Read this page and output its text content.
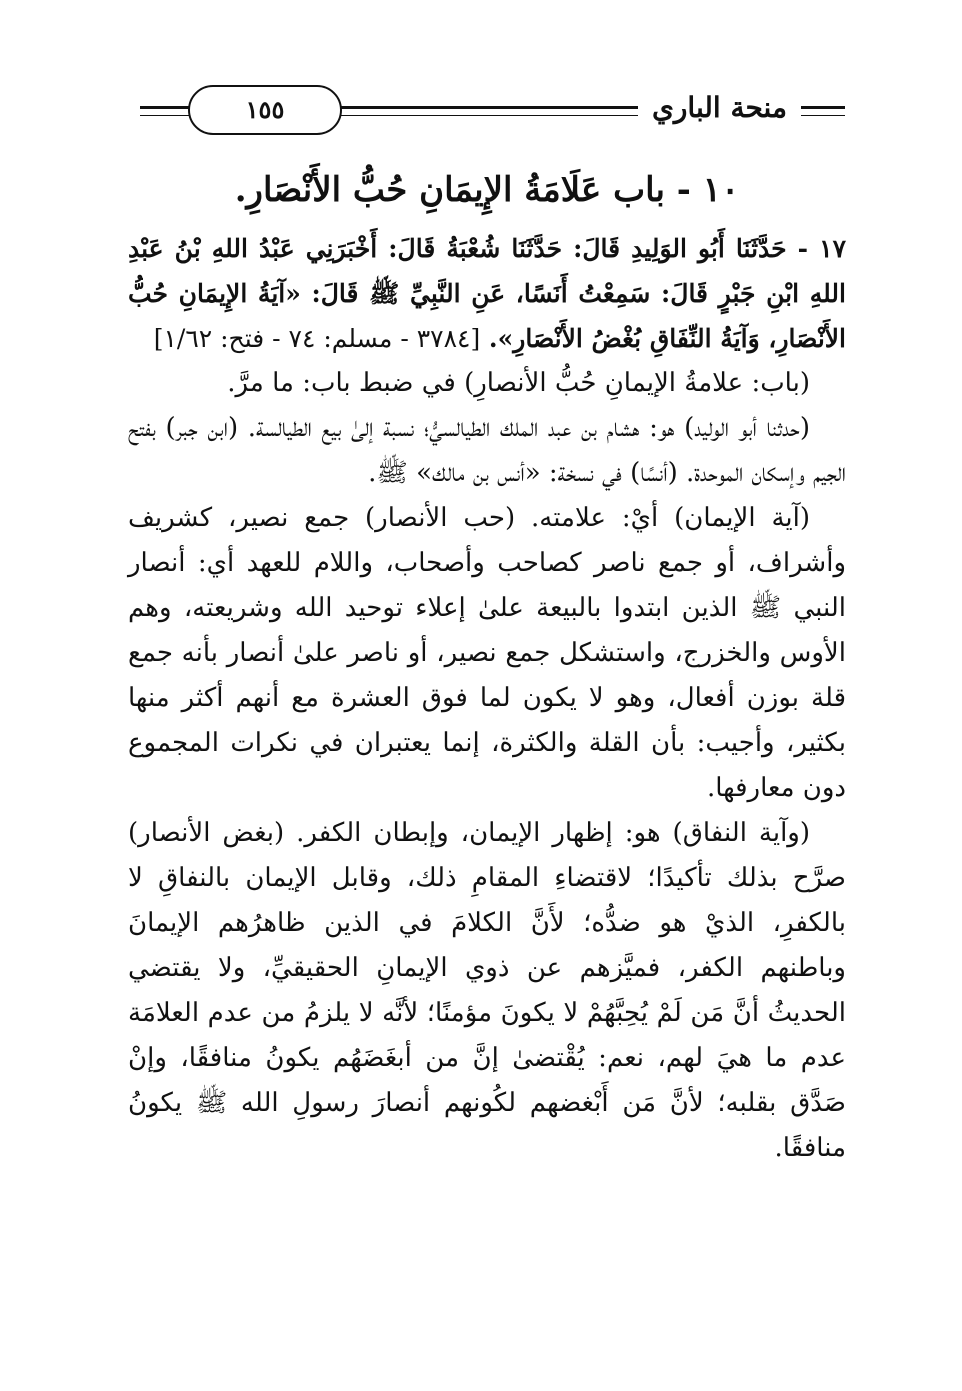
١٥٥	منحة الباري
١٠ - باب عَلَامَةُ الإِيمَانِ حُبُّ الأَنْصَارِ.

١٧ - حَدَّثَنَا أَبُو الوَلِيدِ قَالَ: حَدَّثَنَا شُعْبَةُ قَالَ: أَخْبَرَنِي عَبْدُ اللهِ بْنُ عَبْدِ اللهِ ابْنِ جَبْرٍ قَالَ: سَمِعْتُ أَنَسًا، عَنِ النَّبِيِّ ﷺ قَالَ: «آيَةُ الإِيمَانِ حُبُّ الأَنْصَارِ، وَآيَةُ النِّفَاقِ بُغْضُ الأَنْصَارِ». [٣٧٨٤ - مسلم: ٧٤ - فتح: ١/٦٢]

(باب: علامةُ الإيمانِ حُبُّ الأنصارِ) في ضبط باب: ما مرَّ.

(حدثنا أبو الوليد) هو: هشام بن عبد الملك الطيالسيُّ؛ نسبة إلىٰ بيع الطيالسة. (ابن جبر) بفتح الجيم وإسكان الموحدة. (أنسًا) في نسخة: «أنس بن مالك» ﷺ.

(آية الإيمان) أيْ: علامته. (حب الأنصار) جمع نصير، كشريف وأشراف، أو جمع ناصر كصاحب وأصحاب، واللام للعهد أي: أنصار النبي ﷺ الذين ابتدوا بالبيعة علىٰ إعلاء توحيد الله وشريعته، وهم الأوس والخزرج، واستشكل جمع نصير، أو ناصر علىٰ أنصار بأنه جمع قلة بوزن أفعال، وهو لا يكون لما فوق العشرة مع أنهم أكثر منها بكثير، وأجيب: بأن القلة والكثرة، إنما يعتبران في نكرات المجموع دون معارفها.

(وآية النفاق) هو: إظهار الإيمان، وإبطان الكفر. (بغض الأنصار) صرَّح بذلك تأكيدًا؛ لاقتضاءِ المقامِ ذلك، وقابل الإيمان بالنفاقِ لا بالكفرِ، الذيْ هو ضدُّه؛ لأَنَّ الكلامَ في الذين ظاهرُهم الإيمانَ وباطنهم الكفر، فميَّزهم عن ذوي الإيمانِ الحقيقيِّ، ولا يقتضي الحديثُ أنَّ مَن لَمْ يُحِبَّهُمْ لا يكونَ مؤمنًا؛ لأنَّه لا يلزمُ من عدم العلامَة عدم ما هيَ لهم، نعم: يُقْتضىٰ إنَّ من أبغَضَهُم يكونُ منافقًا، وإنْ صَدَّق بقلبه؛ لأنَّ مَن أَبْغضهم لكُونهم أنصارَ رسولِ الله ﷺ يكونُ منافقًا.
